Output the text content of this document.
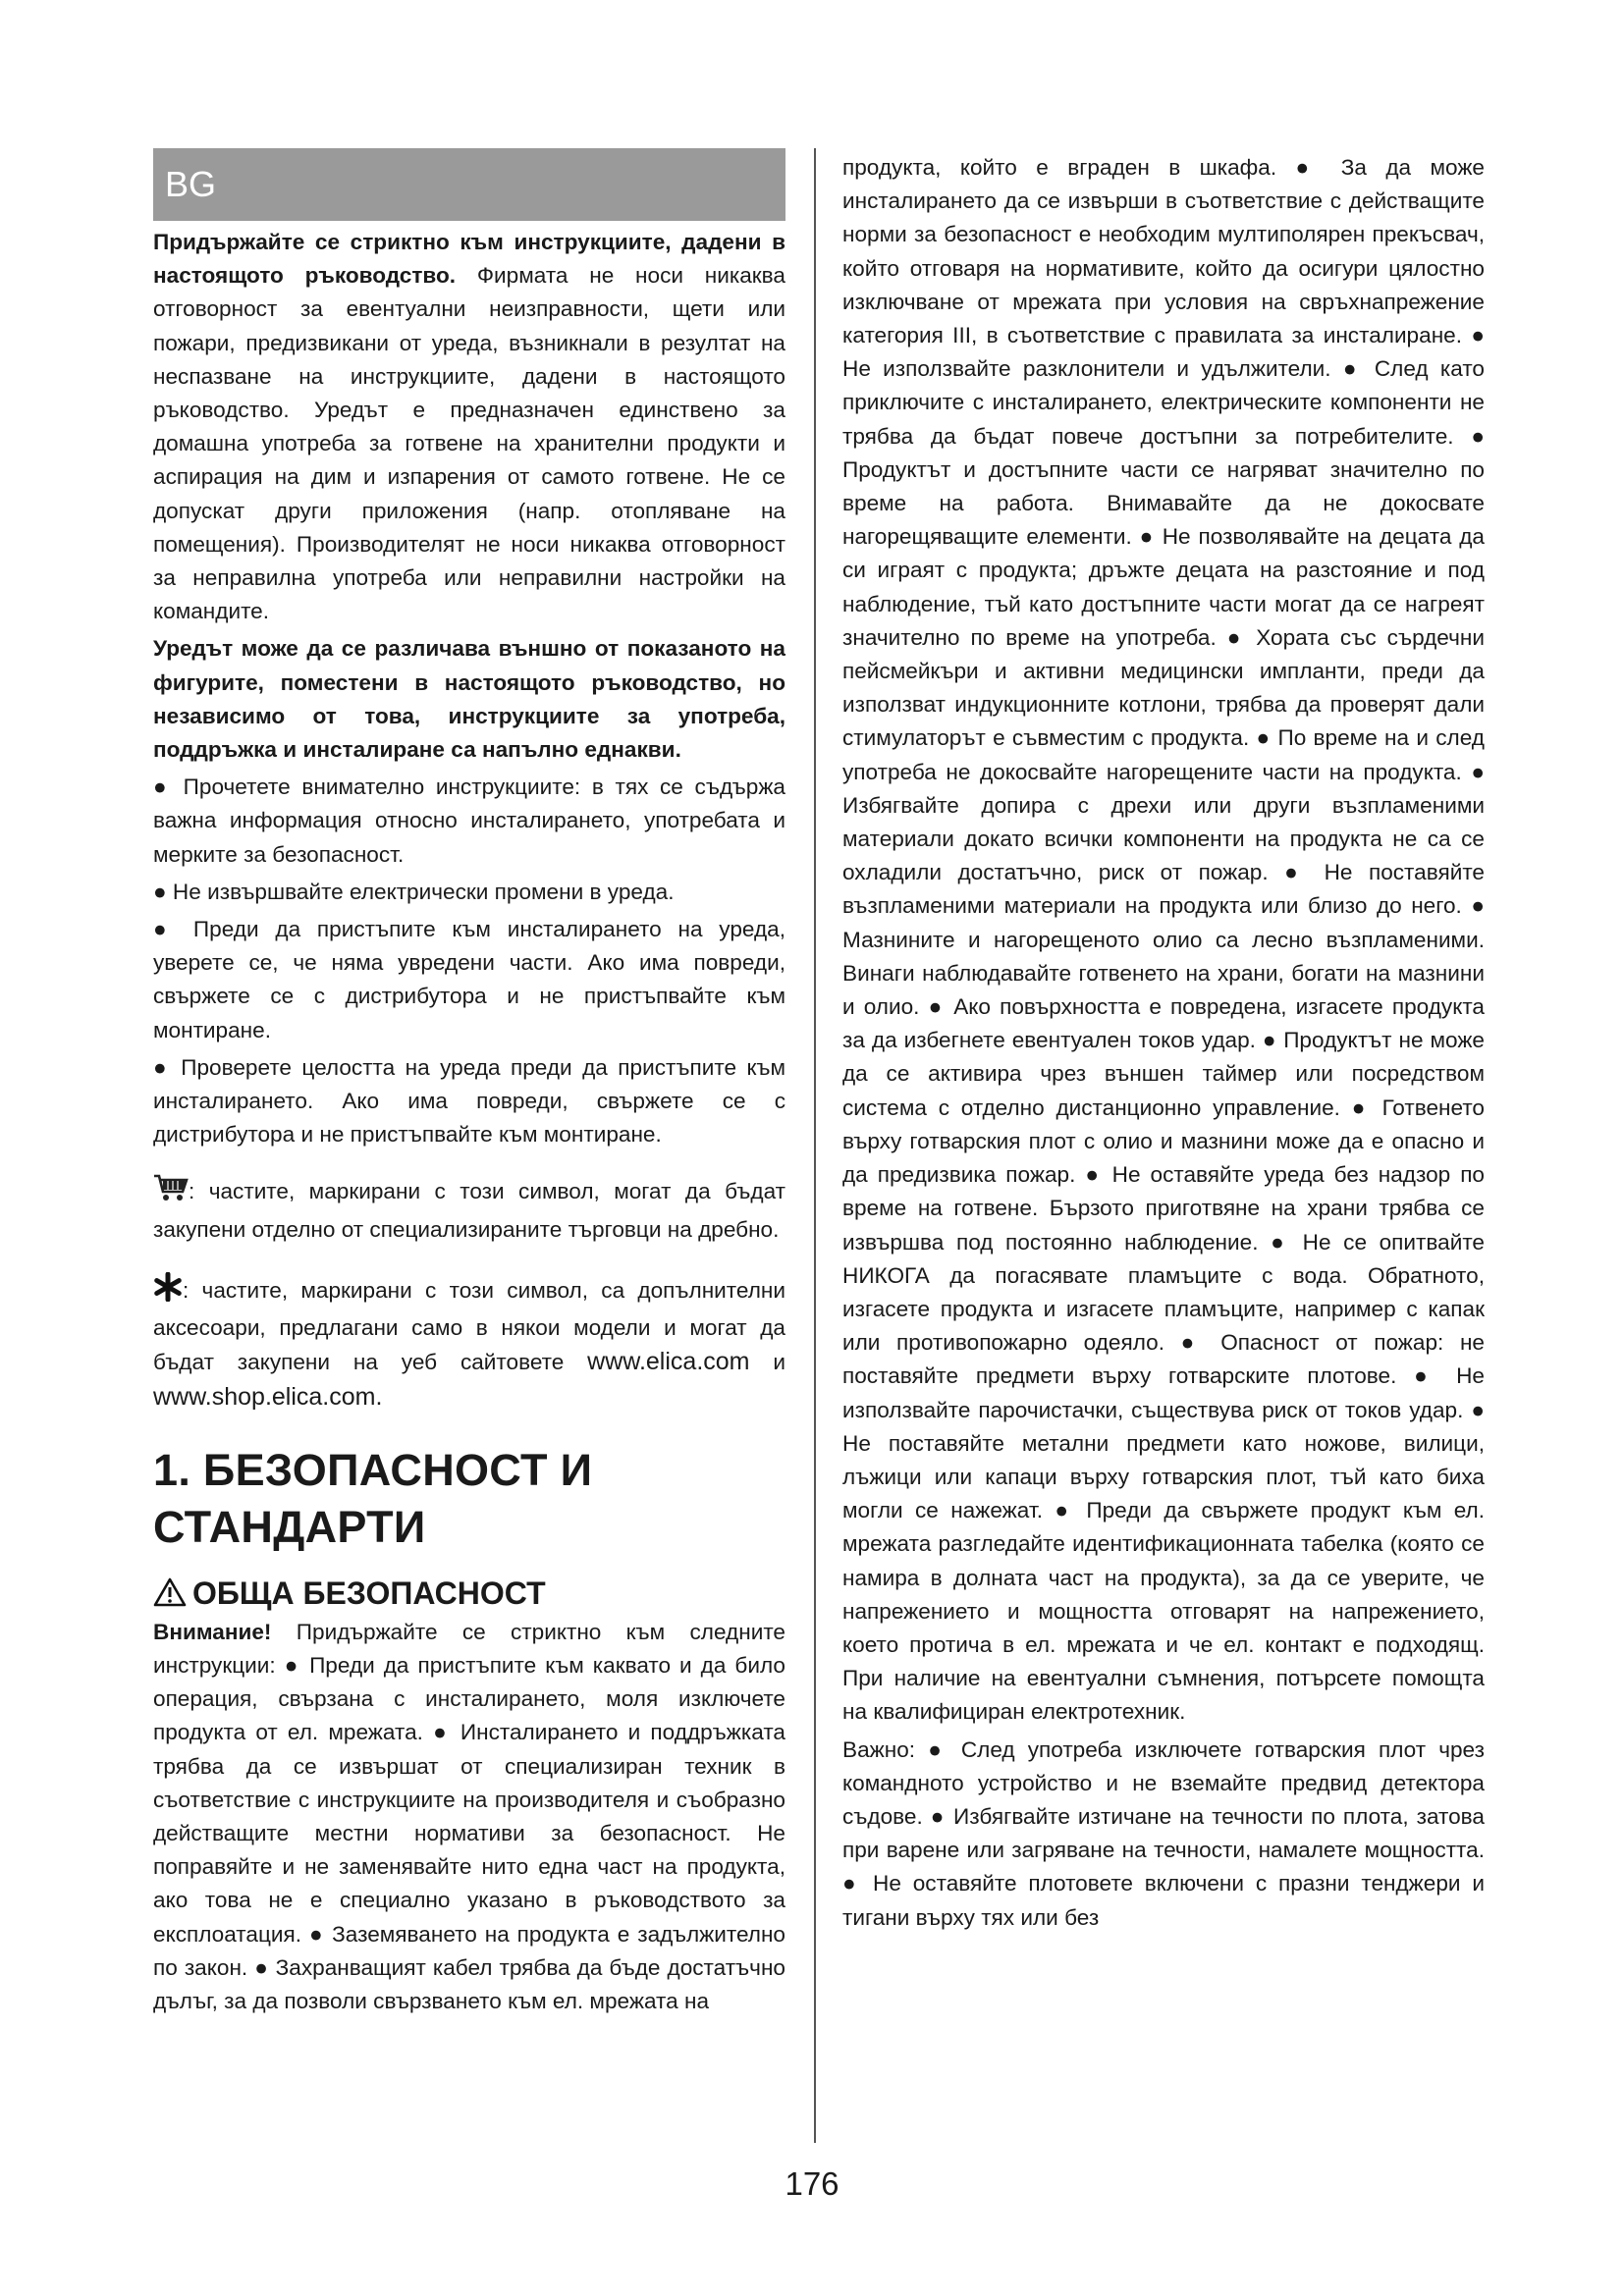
BG

Придържайте се стриктно към инструкциите, дадени в настоящото ръководство. Фирмата не носи никаква отговорност за евентуални неизправности, щети или пожари, предизвикани от уреда, възникнали в резултат на неспазване на инструкциите, дадени в настоящото ръководство. Уредът е предназначен единствено за домашна употреба за готвене на хранителни продукти и аспирация на дим и изпарения от самото готвене. Не се допускат други приложения (напр. отопляване на помещения). Производителят не носи никаква отговорност за неправилна употреба или неправилни настройки на командите.

Уредът може да се различава външно от показаното на фигурите, поместени в настоящото ръководство, но независимо от това, инструкциите за употреба, поддръжка и инсталиране са напълно еднакви.

● Прочетете внимателно инструкциите: в тях се съдържа важна информация относно инсталирането, употребата и мерките за безопасност.

● Не извършвайте електрически промени в уреда.

● Преди да пристъпите към инсталирането на уреда, уверете се, че няма увредени части. Ако има повреди, свържете се с дистрибутора и не пристъпвайте към монтиране.

● Проверете целостта на уреда преди да пристъпите към инсталирането. Ако има повреди, свържете се с дистрибутора и не пристъпвайте към монтиране.

: частите, маркирани с този символ, могат да бъдат закупени отделно от специализираните търговци на дребно.

: частите, маркирани с този символ, са допълнителни аксесоари, предлагани само в някои модели и могат да бъдат закупени на уеб сайтовете www.elica.com и www.shop.elica.com.

1. БЕЗОПАСНОСТ И СТАНДАРТИ
ОБЩА БЕЗОПАСНОСТ

Внимание! Придържайте се стриктно към следните инструкции: ● Преди да пристъпите към каквато и да било операция, свързана с инсталирането, моля изключете продукта от ел. мрежата. ● Инсталирането и поддръжката трябва да се извършат от специализиран техник в съответствие с инструкциите на производителя и съобразно действащите местни нормативи за безопасност. Не поправяйте и не заменявайте нито една част на продукта, ако това не е специално указано в ръководството за експлоатация. ● Заземяването на продукта е задължително по закон. ● Захранващият кабел трябва да бъде достатъчно дълъг, за да позволи свързването към ел. мрежата на

продукта, който е вграден в шкафа. ● За да може инсталирането да се извърши в съответствие с действащите норми за безопасност е необходим мултиполярен прекъсвач, който отговаря на нормативите, който да осигури цялостно изключване от мрежата при условия на свръхнапрежение категория III, в съответствие с правилата за инсталиране. ● Не използвайте разклонители и удължители. ● След като приключите с инсталирането, електрическите компоненти не трябва да бъдат повече достъпни за потребителите. ● Продуктът и достъпните части се нагряват значително по време на работа. Внимавайте да не докосвате нагорещяващите елементи. ● Не позволявайте на децата да си играят с продукта; дръжте децата на разстояние и под наблюдение, тъй като достъпните части могат да се нагреят значително по време на употреба. ● Хората със сърдечни пейсмейкъри и активни медицински импланти, преди да използват индукционните котлони, трябва да проверят дали стимулаторът е съвместим с продукта. ● По време на и след употреба не докосвайте нагорещените части на продукта. ● Избягвайте допира с дрехи или други възпламеними материали докато всички компоненти на продукта не са се охладили достатъчно, риск от пожар. ● Не поставяйте възпламеними материали на продукта или близо до него. ● Мазнините и нагорещеното олио са лесно възпламеними. Винаги наблюдавайте готвенето на храни, богати на мазнини и олио. ● Ако повърхността е повредена, изгасете продукта за да избегнете евентуален токов удар. ● Продуктът не може да се активира чрез външен таймер или посредством система с отделно дистанционно управление. ● Готвенето върху готварския плот с олио и мазнини може да е опасно и да предизвика пожар. ● Не оставяйте уреда без надзор по време на готвене. Бързото приготвяне на храни трябва се извършва под постоянно наблюдение. ● Не се опитвайте НИКОГА да погасявате пламъците с вода. Обратното, изгасете продукта и изгасете пламъците, например с капак или противопожарно одеяло. ● Опасност от пожар: не поставяйте предмети върху готварските плотове. ● Не използвайте парочистачки, съществува риск от токов удар. ● Не поставяйте метални предмети като ножове, вилици, лъжици или капаци върху готварския плот, тъй като биха могли се нажежат. ● Преди да свържете продукт към ел. мрежата разгледайте идентификационната табелка (която се намира в долната част на продукта), за да се уверите, че напрежението и мощността отговарят на напрежението, което протича в ел. мрежата и че ел. контакт е подходящ. При наличие на евентуални съмнения, потърсете помощта на квалифициран електротехник.

Важно: ● След употреба изключете готварския плот чрез командното устройство и не вземайте предвид детектора съдове. ● Избягвайте изтичане на течности по плота, затова при варене или загряване на течности, намалете мощността. ● Не оставяйте плотовете включени с празни тенджери и тигани върху тях или без

176
